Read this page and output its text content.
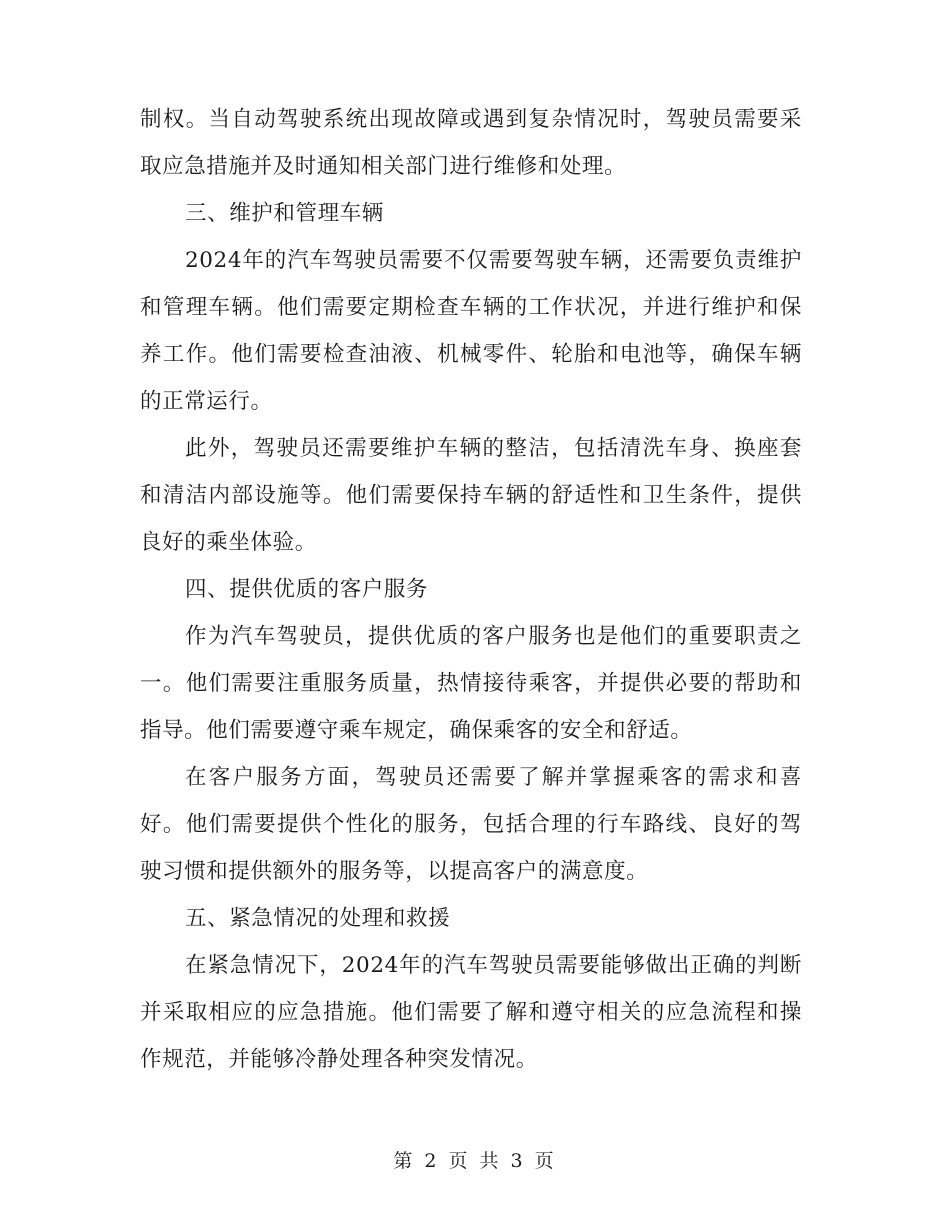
制权。当自动驾驶系统出现故障或遇到复杂情况时，驾驶员需要采取应急措施并及时通知相关部门进行维修和处理。

三、维护和管理车辆

2024年的汽车驾驶员需要不仅需要驾驶车辆，还需要负责维护和管理车辆。他们需要定期检查车辆的工作状况，并进行维护和保养工作。他们需要检查油液、机械零件、轮胎和电池等，确保车辆的正常运行。

此外，驾驶员还需要维护车辆的整洁，包括清洗车身、换座套和清洁内部设施等。他们需要保持车辆的舒适性和卫生条件，提供良好的乘坐体验。

四、提供优质的客户服务

作为汽车驾驶员，提供优质的客户服务也是他们的重要职责之一。他们需要注重服务质量，热情接待乘客，并提供必要的帮助和指导。他们需要遵守乘车规定，确保乘客的安全和舒适。

在客户服务方面，驾驶员还需要了解并掌握乘客的需求和喜好。他们需要提供个性化的服务，包括合理的行车路线、良好的驾驶习惯和提供额外的服务等，以提高客户的满意度。

五、紧急情况的处理和救援

在紧急情况下，2024年的汽车驾驶员需要能够做出正确的判断并采取相应的应急措施。他们需要了解和遵守相关的应急流程和操作规范，并能够冷静处理各种突发情况。

第 2 页 共 3 页
